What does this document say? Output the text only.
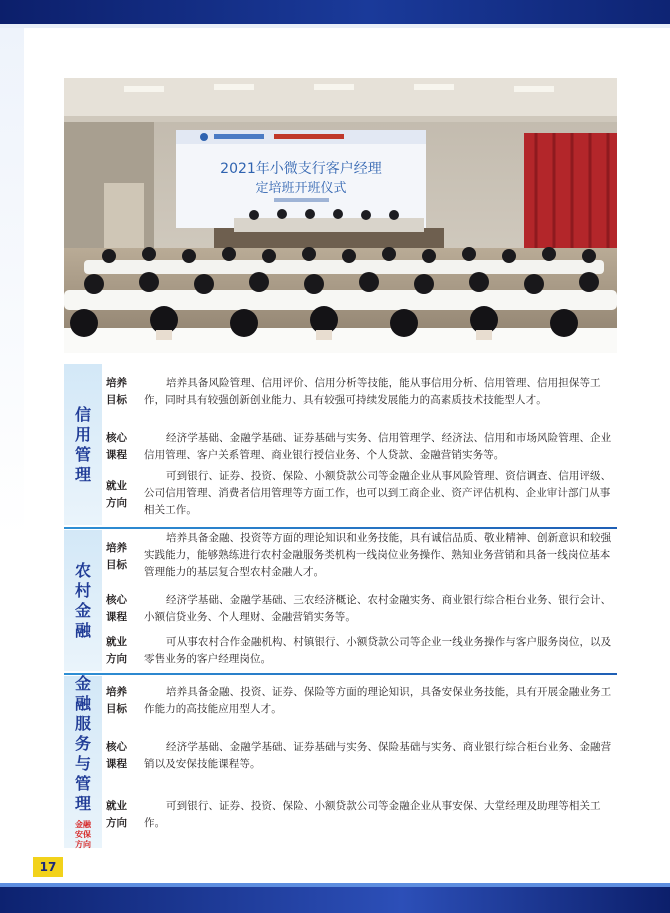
2021年小微支行客户经理
定培班开班仪式
信
用
管
理
培养
目标
培养具备风险管理、信用评价、信用分析等技能，能从事信用分析、信用管理、信用担保等工作，同时具有较强创新创业能力、具有较强可持续发展能力的高素质技术技能型人才。
核心
课程
经济学基础、金融学基础、证券基础与实务、信用管理学、经济法、信用和市场风险管理、企业信用管理、客户关系管理、商业银行授信业务、个人贷款、金融营销实务等。
就业
方向
可到银行、证券、投资、保险、小额贷款公司等金融企业从事风险管理、资信调查、信用评级、公司信用管理、消费者信用管理等方面工作，也可以到工商企业、资产评估机构、企业审计部门从事相关工作。
农
村
金
融
培养
目标
培养具备金融、投资等方面的理论知识和业务技能，具有诚信品质、敬业精神、创新意识和较强实践能力，能够熟练进行农村金融服务类机构一线岗位业务操作、熟知业务营销和具备一线岗位基本管理能力的基层复合型农村金融人才。
核心
课程
经济学基础、金融学基础、三农经济概论、农村金融实务、商业银行综合柜台业务、银行会计、小额信贷业务、个人理财、金融营销实务等。
就业
方向
可从事农村合作金融机构、村镇银行、小额贷款公司等企业一线业务操作与客户服务岗位，以及零售业务的客户经理岗位。
金
融
服
务
与
管
理
金融
安保
方向
培养
目标
培养具备金融、投资、证券、保险等方面的理论知识，具备安保业务技能，具有开展金融业务工作能力的高技能应用型人才。
核心
课程
经济学基础、金融学基础、证券基础与实务、保险基础与实务、商业银行综合柜台业务、金融营销以及安保技能课程等。
就业
方向
可到银行、证券、投资、保险、小额贷款公司等金融企业从事安保、大堂经理及助理等相关工作。
17
